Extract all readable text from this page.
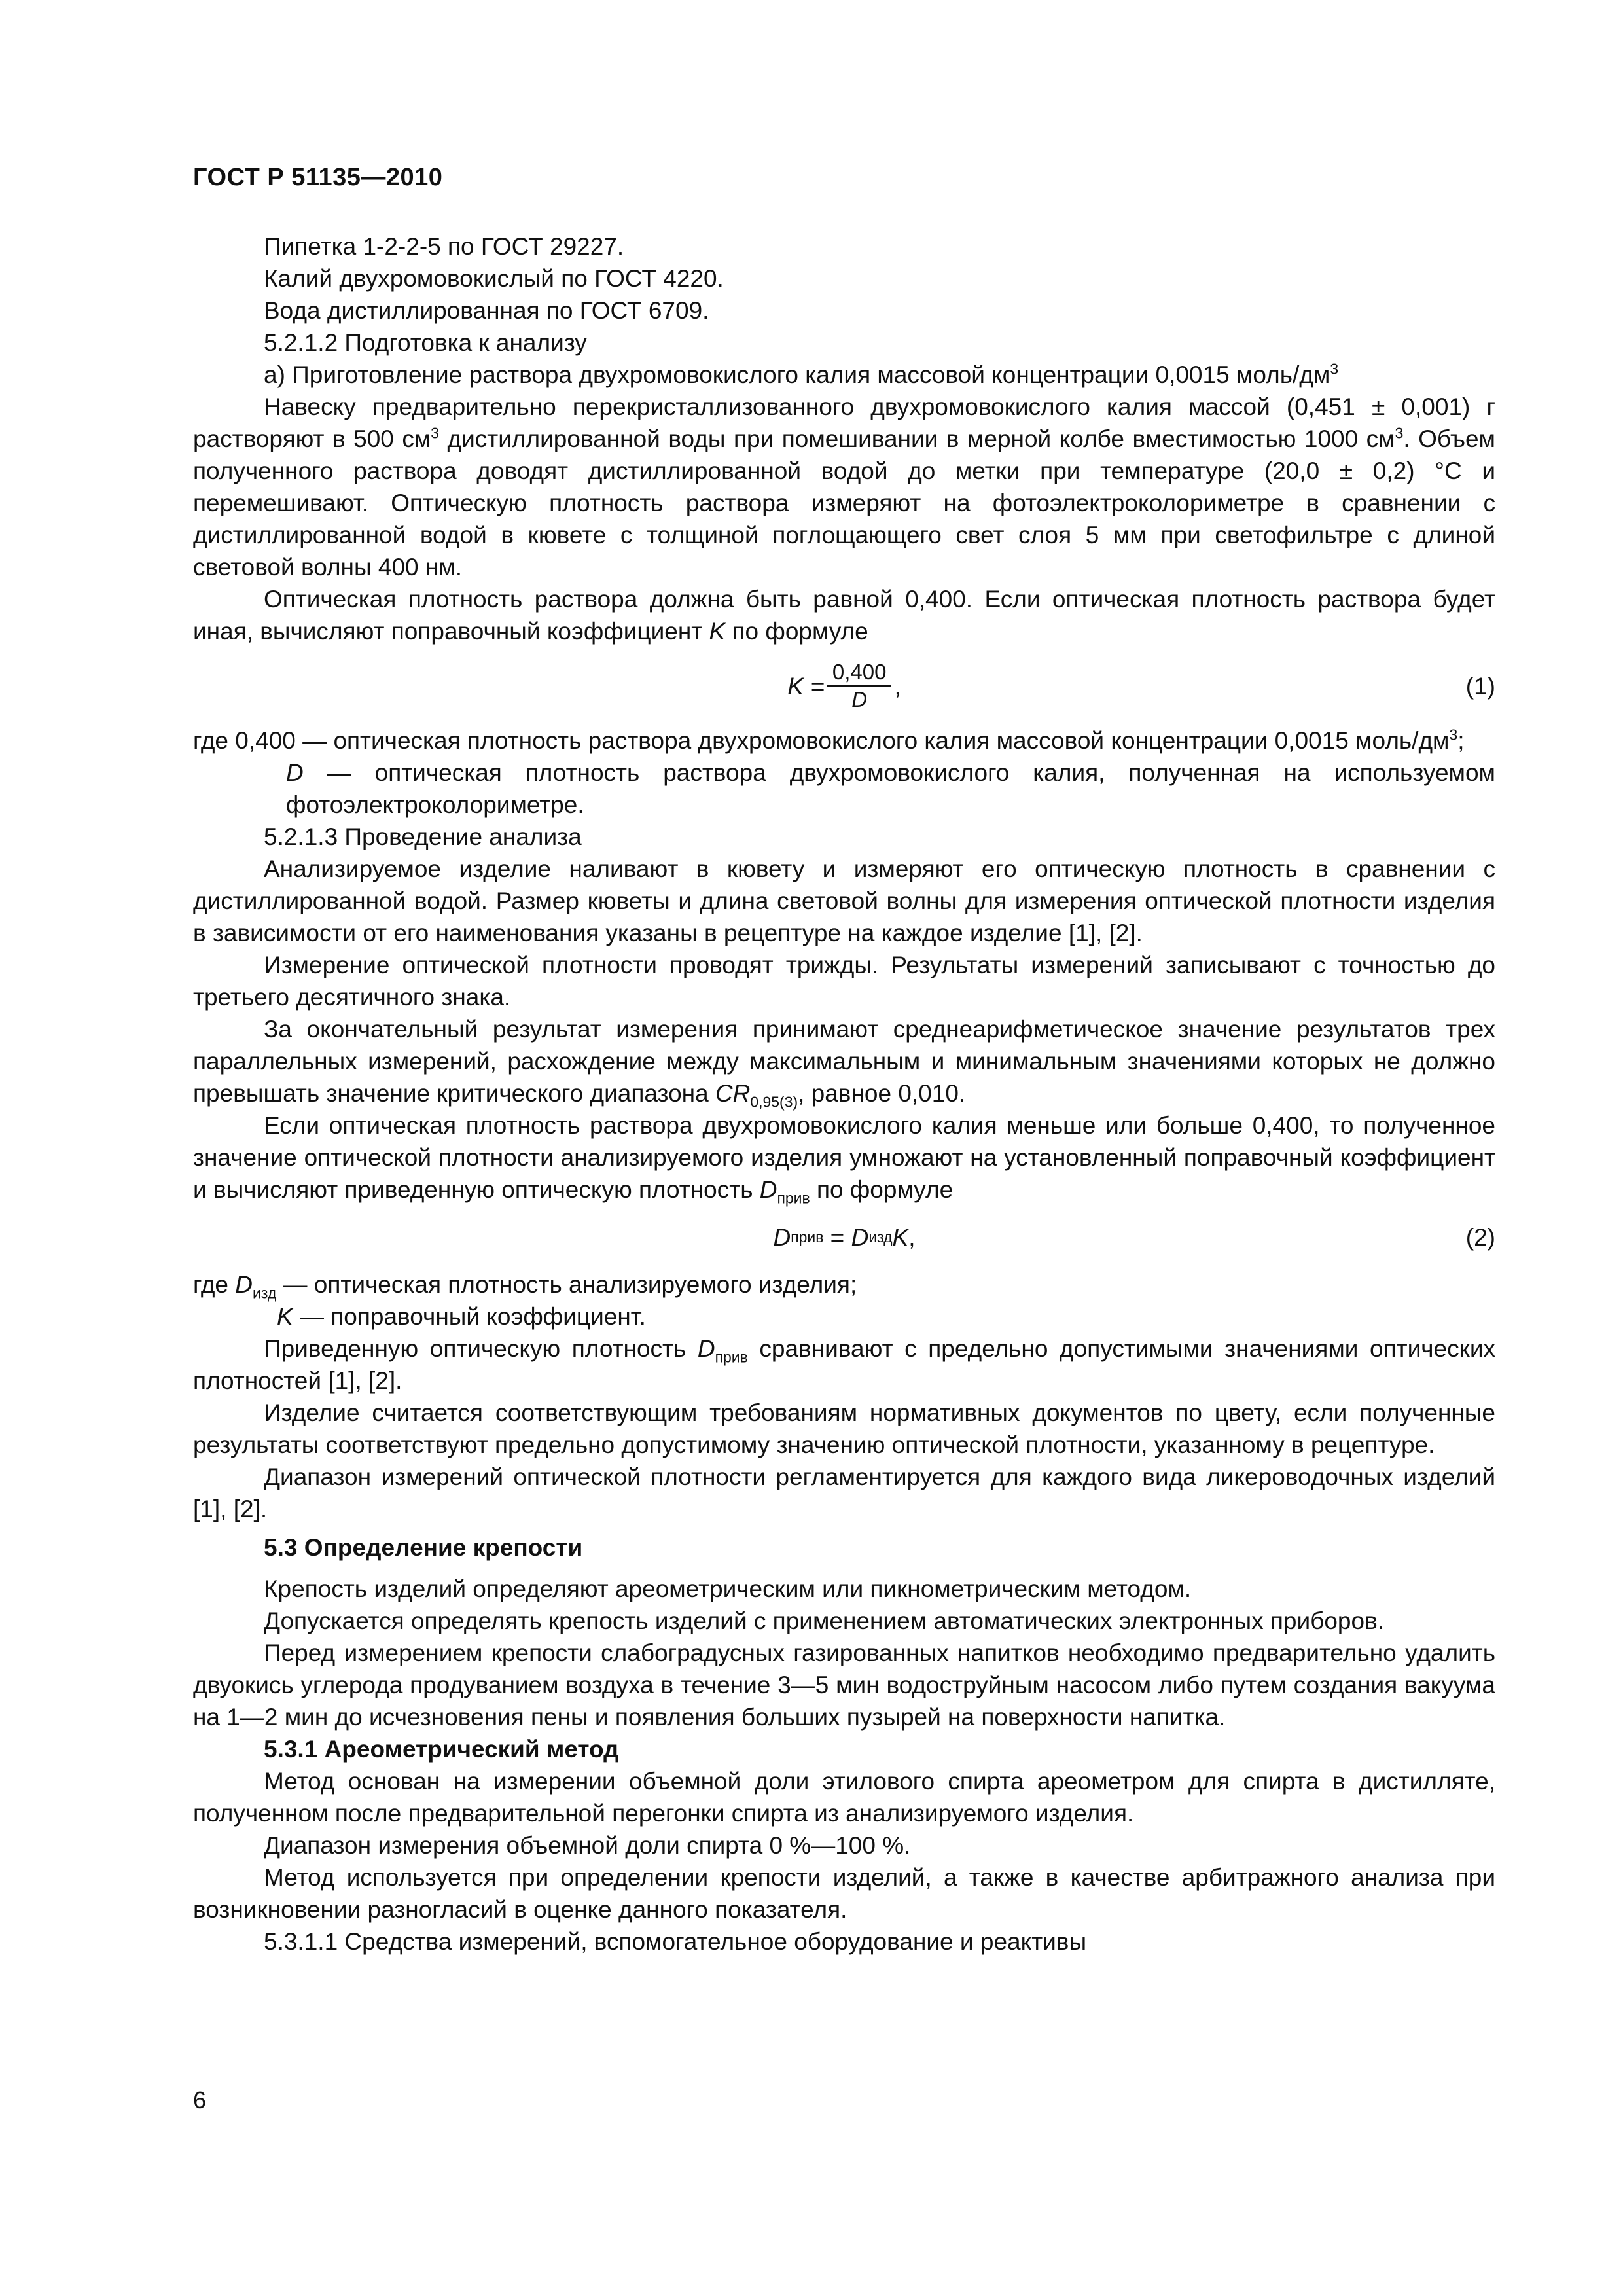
ГОСТ Р 51135—2010

Пипетка 1-2-2-5 по ГОСТ 29227.

Калий двухромовокислый по ГОСТ 4220.

Вода дистиллированная по ГОСТ 6709.

5.2.1.2 Подготовка к анализу

а) Приготовление раствора двухромовокислого калия массовой концентрации 0,0015 моль/$дм^3$

Навеску предварительно перекристаллизованного двухромовокислого калия массой (0,451 ± 0,001) г растворяют в 500 $см^3$ дистиллированной воды при помешивании в мерной колбе вместимостью 1000 $см^3$. Объем полученного раствора доводят дистиллированной водой до метки при температуре (20,0 ± 0,2) °С и перемешивают. Оптическую плотность раствора измеряют на фотоэлектроколориметре в сравнении с дистиллированной водой в кювете с толщиной поглощающего свет слоя 5 мм при светофильтре с длиной световой волны 400 нм.

Оптическая плотность раствора должна быть равной 0,400. Если оптическая плотность раствора будет иная, вычисляют поправочный коэффициент K по формуле

$K = \frac{0,400}{D}$ ,	(1)
где 0,400 — оптическая плотность раствора двухромовокислого калия массовой концентрации 0,0015 моль/$дм^3$;
D — оптическая плотность раствора двухромовокислого калия, полученная на используемом фотоэлектроколориметре.

5.2.1.3 Проведение анализа

Анализируемое изделие наливают в кювету и измеряют его оптическую плотность в сравнении с дистиллированной водой. Размер кюветы и длина световой волны для измерения оптической плотности изделия в зависимости от его наименования указаны в рецептуре на каждое изделие [1], [2].

Измерение оптической плотности проводят трижды. Результаты измерений записывают с точностью до третьего десятичного знака.

За окончательный результат измерения принимают среднеарифметическое значение результатов трех параллельных измерений, расхождение между максимальным и минимальным значениями которых не должно превышать значение критического диапазона $CR_{0,95(3)}$, равное 0,010.

Если оптическая плотность раствора двухромовокислого калия меньше или больше 0,400, то полученное значение оптической плотности анализируемого изделия умножают на установленный поправочный коэффициент и вычисляют приведенную оптическую плотность $D_{прив}$ по формуле

D прив = D изд K ,	(2)

где $D_{изд}$ — оптическая плотность анализируемого изделия;

K — поправочный коэффициент.

Приведенную оптическую плотность $D_{прив}$ сравнивают с предельно допустимыми значениями оптических плотностей [1], [2].

Изделие считается соответствующим требованиям нормативных документов по цвету, если полученные результаты соответствуют предельно допустимому значению оптической плотности, указанному в рецептуре.

Диапазон измерений оптической плотности регламентируется для каждого вида ликероводочных изделий [1], [2].

5.3 Определение крепости

Крепость изделий определяют ареометрическим или пикнометрическим методом.

Допускается определять крепость изделий с применением автоматических электронных приборов.

Перед измерением крепости слабоградусных газированных напитков необходимо предварительно удалить двуокись углерода продуванием воздуха в течение 3—5 мин водоструйным насосом либо путем создания вакуума на 1—2 мин до исчезновения пены и появления больших пузырей на поверхности напитка.

5.3.1 Ареометрический метод

Метод основан на измерении объемной доли этилового спирта ареометром для спирта в дистилляте, полученном после предварительной перегонки спирта из анализируемого изделия.

Диапазон измерения объемной доли спирта 0 %—100 %.

Метод используется при определении крепости изделий, а также в качестве арбитражного анализа при возникновении разногласий в оценке данного показателя.

5.3.1.1 Средства измерений, вспомогательное оборудование и реактивы

6
